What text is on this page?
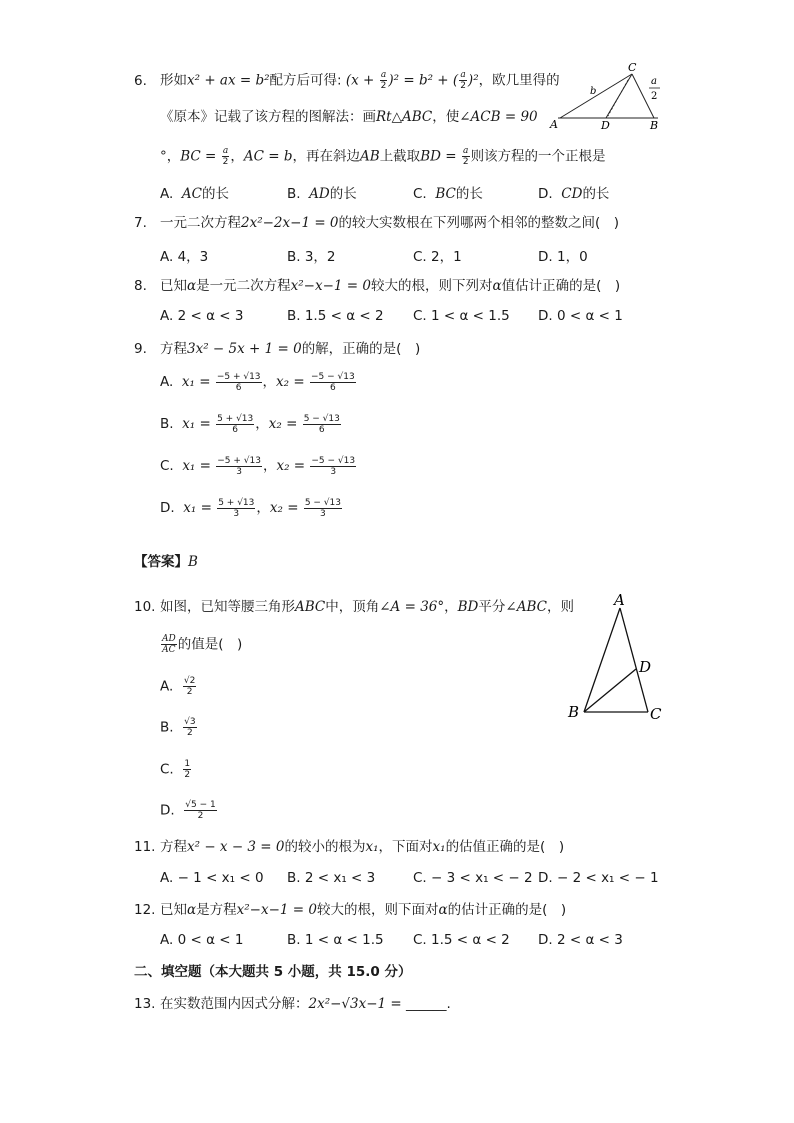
6. 形如x² + ax = b²配方后可得: $(x + \frac{a}{2} )^2 = b^2$ + ( $\frac{a}{2} )^2$，欧几里得的
《原本》记载了该方程的图解法：画Rt△ABC，使∠ACB = 90
°，BC = $\frac{a}{2}$ ，AC = b，再在斜边AB上截取BD = $\frac{a}{2}$ 则该方程的一个正根是
A. AC的长	B. AD的长	C. BC的长	D. CD的长
C
A	D	B
b
a
2
7. 一元二次方程2x²−2x−1 = 0的较大实数根在下列哪两个相邻的整数之间(　)
A. 4，3	B. 3，2	C. 2，1	D. 1，0
8. 已知α是一元二次方程x²−x−1 = 0较大的根，则下列对α值估计正确的是(　)
A. 2 < α < 3	B. 1.5 < α < 2 C. 1 < α < 1.5 D. 0 < α < 1
9. 方程3x² − 5x + 1 = 0的解，正确的是(　)
A. $x_1 = \frac{-5 + √13}{6}$ ，$x_2 = \frac{-5 - √13}{6}$
B. $x_1 = \frac{5 + √13}{6}$ ，$x_2 = \frac{5 - √13}{6}$
C. $x_1 = \frac{-5 + √13}{3}$ ，$x_2 = \frac{-5 - √13}{3}$
D. $x_1 = \frac{5 + √13}{3}$ ，$x_2 = \frac{5 - √13}{3}$
【答案】B
10. 如图，已知等腰三角形ABC中，顶角∠A = 36°，BD平分∠ABC，则
$\frac{AD}{AC}$ 的值是(　)
A. $\frac{√2}{2}$
B. $\frac{√3}{2}$
C. $\frac{1}{2}$
D. $\frac{√5 - 1}{2}$
A
B	C
D
11. 方程x² − x − 3 = 0的较小的根为x₁，下面对x₁的估值正确的是(　)
A. − 1 < x₁ < 0 B. 2 < x₁ < 3	C. − 3 < x₁ < − 2 D. − 2 < x₁ < − 1
12. 已知α是方程x²−x−1 = 0较大的根，则下面对α的估计正确的是(　)
A. 0 < α < 1	B. 1 < α < 1.5 C. 1.5 < α < 2 D. 2 < α < 3
二、填空题（本大题共 5 小题，共 15.0 分）
13. 在实数范围内因式分解：2x²−√3x−1 = ______.
